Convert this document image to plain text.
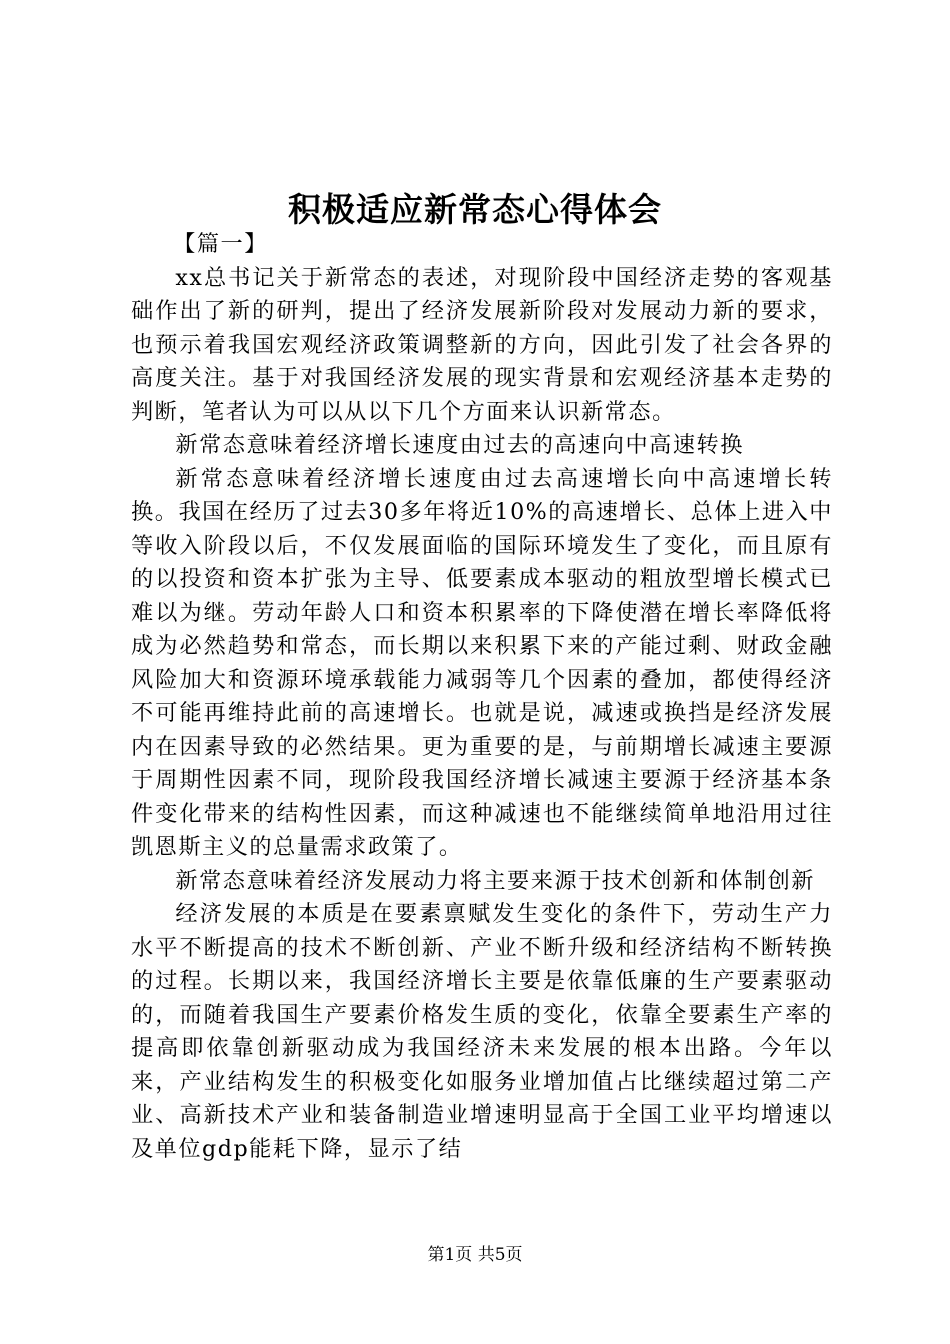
积极适应新常态心得体会

【篇一】

xx总书记关于新常态的表述，对现阶段中国经济走势的客观基础作出了新的研判，提出了经济发展新阶段对发展动力新的要求，也预示着我国宏观经济政策调整新的方向，因此引发了社会各界的高度关注。基于对我国经济发展的现实背景和宏观经济基本走势的判断，笔者认为可以从以下几个方面来认识新常态。

新常态意味着经济增长速度由过去的高速向中高速转换

新常态意味着经济增长速度由过去高速增长向中高速增长转换。我国在经历了过去30多年将近10%的高速增长、总体上进入中等收入阶段以后，不仅发展面临的国际环境发生了变化，而且原有的以投资和资本扩张为主导、低要素成本驱动的粗放型增长模式已难以为继。劳动年龄人口和资本积累率的下降使潜在增长率降低将成为必然趋势和常态，而长期以来积累下来的产能过剩、财政金融风险加大和资源环境承载能力减弱等几个因素的叠加，都使得经济不可能再维持此前的高速增长。也就是说，减速或换挡是经济发展内在因素导致的必然结果。更为重要的是，与前期增长减速主要源于周期性因素不同，现阶段我国经济增长减速主要源于经济基本条件变化带来的结构性因素，而这种减速也不能继续简单地沿用过往凯恩斯主义的总量需求政策了。

新常态意味着经济发展动力将主要来源于技术创新和体制创新

经济发展的本质是在要素禀赋发生变化的条件下，劳动生产力水平不断提高的技术不断创新、产业不断升级和经济结构不断转换的过程。长期以来，我国经济增长主要是依靠低廉的生产要素驱动的，而随着我国生产要素价格发生质的变化，依靠全要素生产率的提高即依靠创新驱动成为我国经济未来发展的根本出路。今年以来，产业结构发生的积极变化如服务业增加值占比继续超过第二产业、高新技术产业和装备制造业增速明显高于全国工业平均增速以及单位gdp能耗下降，显示了结

第1页 共5页
